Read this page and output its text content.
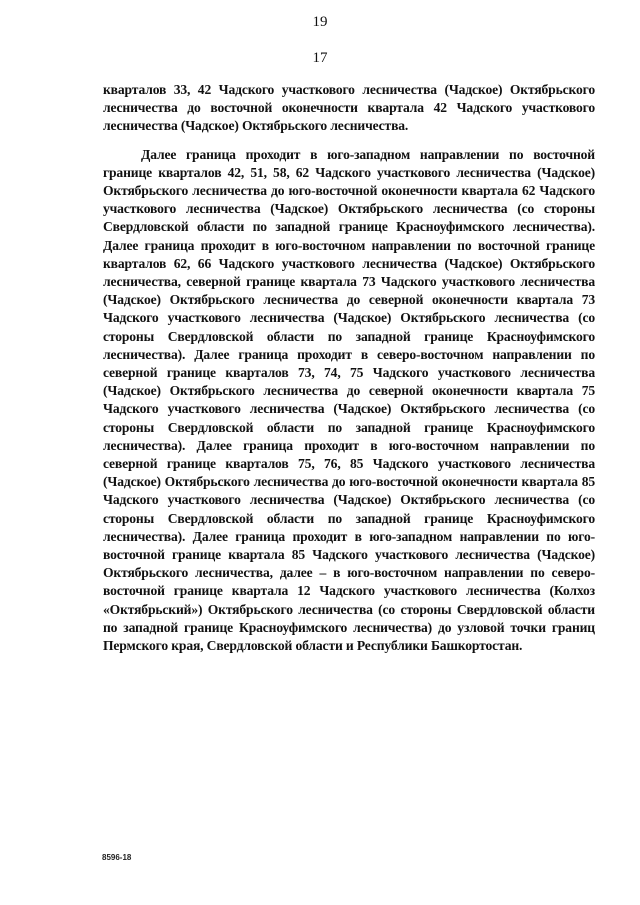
19
17

кварталов 33, 42 Чадского участкового лесничества (Чадское) Октябрьского лесничества до восточной оконечности квартала 42 Чадского участкового лесничества (Чадское) Октябрьского лесничества.

Далее граница проходит в юго-западном направлении по восточной границе кварталов 42, 51, 58, 62 Чадского участкового лесничества (Чадское) Октябрьского лесничества до юго-восточной оконечности квартала 62 Чадского участкового лесничества (Чадское) Октябрьского лесничества (со стороны Свердловской области по западной границе Красноуфимского лесничества). Далее граница проходит в юго-восточном направлении по восточной границе кварталов 62, 66 Чадского участкового лесничества (Чадское) Октябрьского лесничества, северной границе квартала 73 Чадского участкового лесничества (Чадское) Октябрьского лесничества до северной оконечности квартала 73 Чадского участкового лесничества (Чадское) Октябрьского лесничества (со стороны Свердловской области по западной границе Красноуфимского лесничества). Далее граница проходит в северо-восточном направлении по северной границе кварталов 73, 74, 75 Чадского участкового лесничества (Чадское) Октябрьского лесничества до северной оконечности квартала 75 Чадского участкового лесничества (Чадское) Октябрьского лесничества (со стороны Свердловской области по западной границе Красноуфимского лесничества). Далее граница проходит в юго-восточном направлении по северной границе кварталов 75, 76, 85 Чадского участкового лесничества (Чадское) Октябрьского лесничества до юго-восточной оконечности квартала 85 Чадского участкового лесничества (Чадское) Октябрьского лесничества (со стороны Свердловской области по западной границе Красноуфимского лесничества). Далее граница проходит в юго-западном направлении по юго-восточной границе квартала 85 Чадского участкового лесничества (Чадское) Октябрьского лесничества, далее – в юго-восточном направлении по северо-восточной границе квартала 12 Чадского участкового лесничества (Колхоз «Октябрьский») Октябрьского лесничества (со стороны Свердловской области по западной границе Красноуфимского лесничества) до узловой точки границ Пермского края, Свердловской области и Республики Башкортостан.

8596-18
